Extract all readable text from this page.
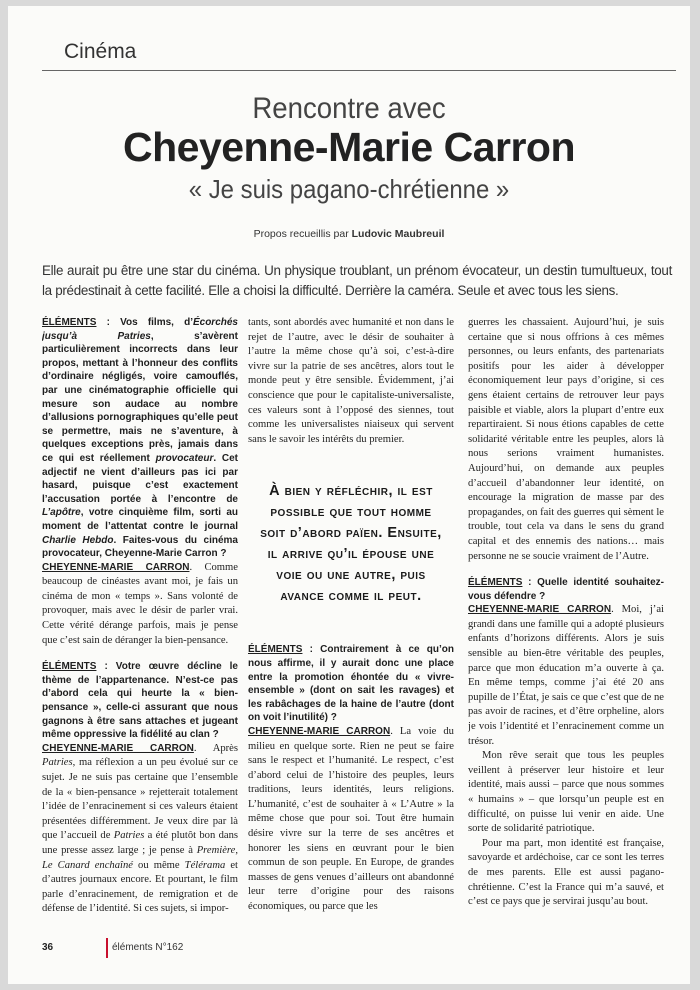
Cinéma
Rencontre avec
Cheyenne-Marie Carron
« Je suis pagano-chrétienne »
Propos recueillis par Ludovic Maubreuil
Elle aurait pu être une star du cinéma. Un physique troublant, un prénom évocateur, un destin tumultueux, tout la prédestinait à cette facilité. Elle a choisi la difficulté. Derrière la caméra. Seule et avec tous les siens.

ÉLÉMENTS : Vos films, d’Écorchés jusqu’à Patries, s’avèrent particulièrement incorrects dans leur propos, mettant à l’honneur des conflits d’ordinaire négligés, voire camouflés, par une cinématographie officielle qui mesure son audace au nombre d’allusions pornographiques qu’elle peut se permettre, mais ne s’aventure, à quelques exceptions près, jamais dans ce qui est réellement provocateur. Cet adjectif ne vient d’ailleurs pas ici par hasard, puisque c’est exactement l’accusation portée à l’encontre de L’apôtre, votre cinquième film, sorti au moment de l’attentat contre le journal Charlie Hebdo. Faites-vous du cinéma provocateur, Cheyenne-Marie Carron ?

CHEYENNE-MARIE CARRON. Comme beaucoup de cinéastes avant moi, je fais un cinéma de mon « temps ». Sans volonté de provoquer, mais avec le désir de parler vrai. Cette vérité dérange parfois, mais je pense que c’est sain de déranger la bien-pensance.

ÉLÉMENTS : Votre œuvre décline le thème de l’appartenance. N’est-ce pas d’abord cela qui heurte la « bien-pensance », celle-ci assurant que nous gagnons à être sans attaches et jugeant même oppressive la fidélité au clan ?

CHEYENNE-MARIE CARRON. Après Patries, ma réflexion a un peu évolué sur ce sujet. Je ne suis pas certaine que l’ensemble de la « bien-pensance » rejetterait totalement l’idée de l’enracinement si ces valeurs étaient présentées différemment. Je veux dire par là que l’accueil de Patries a été plutôt bon dans une presse assez large ; je pense à Première, Le Canard enchaîné ou même Télérama et d’autres journaux encore. Et pourtant, le film parle d’enracinement, de remigration et de défense de l’identité. Si ces sujets, si impor-

tants, sont abordés avec humanité et non dans le rejet de l’autre, avec le désir de souhaiter à l’autre la même chose qu’à soi, c’est-à-dire vivre sur la patrie de ses ancêtres, alors tout le monde peut y être sensible. Évidemment, j’ai conscience que pour le capitaliste-universaliste, ces valeurs sont à l’opposé des siennes, tout comme les universalistes niaiseux qui servent sans le savoir les intérêts du premier.

À bien y réfléchir, il est possible que tout homme soit d’abord païen. Ensuite, il arrive qu’il épouse une voie ou une autre, puis avance comme il peut.

ÉLÉMENTS : Contrairement à ce qu’on nous affirme, il y aurait donc une place entre la promotion éhontée du « vivre-ensemble » (dont on sait les ravages) et les rabâchages de la haine de l’autre (dont on voit l’inutilité) ?

CHEYENNE-MARIE CARRON. La voie du milieu en quelque sorte. Rien ne peut se faire sans le respect et l’humanité. Le respect, c’est d’abord celui de l’histoire des peuples, leurs traditions, leurs identités, leurs religions. L’humanité, c’est de souhaiter à « L’Autre » la même chose que pour soi. Tout être humain désire vivre sur la terre de ses ancêtres et honorer les siens en œuvrant pour le bien commun de son peuple. En Europe, de grandes masses de gens venues d’ailleurs ont abandonné leur terre d’origine pour des raisons économiques, ou parce que les

guerres les chassaient. Aujourd’hui, je suis certaine que si nous offrions à ces mêmes personnes, ou leurs enfants, des partenariats positifs pour les aider à développer économiquement leur pays d’origine, si ces gens étaient certains de retrouver leur pays paisible et viable, alors la plupart d’entre eux repartiraient. Si nous étions capables de cette solidarité véritable entre les peuples, alors là nous serions vraiment humanistes. Aujourd’hui, on demande aux peuples d’accueil d’abandonner leur identité, on encourage la migration de masse par des propagandes, on fait des guerres qui sèment le trouble, tout cela va dans le sens du grand capital et des ennemis des nations… mais personne ne se soucie vraiment de l’Autre.

ÉLÉMENTS : Quelle identité souhaitez-vous défendre ?

CHEYENNE-MARIE CARRON. Moi, j’ai grandi dans une famille qui a adopté plusieurs enfants d’horizons différents. Alors je suis sensible au bien-être véritable des peuples, parce que mon éducation m’a ouverte à ça. En même temps, comme j’ai été 20 ans pupille de l’État, je sais ce que c’est que de ne pas avoir de racines, et d’être orpheline, alors je vois l’identité et l’enracinement comme un trésor.

Mon rêve serait que tous les peuples veillent à préserver leur histoire et leur identité, mais aussi – parce que nous sommes « humains » – que lorsqu’un peuple est en difficulté, on puisse lui venir en aide. Une sorte de solidarité patriotique.

Pour ma part, mon identité est française, savoyarde et ardéchoise, car ce sont les terres de mes parents. Elle est aussi pagano-chrétienne. C’est la France qui m’a sauvé, et c’est ce pays que je servirai jusqu’au bout.

36	éléments N°162
